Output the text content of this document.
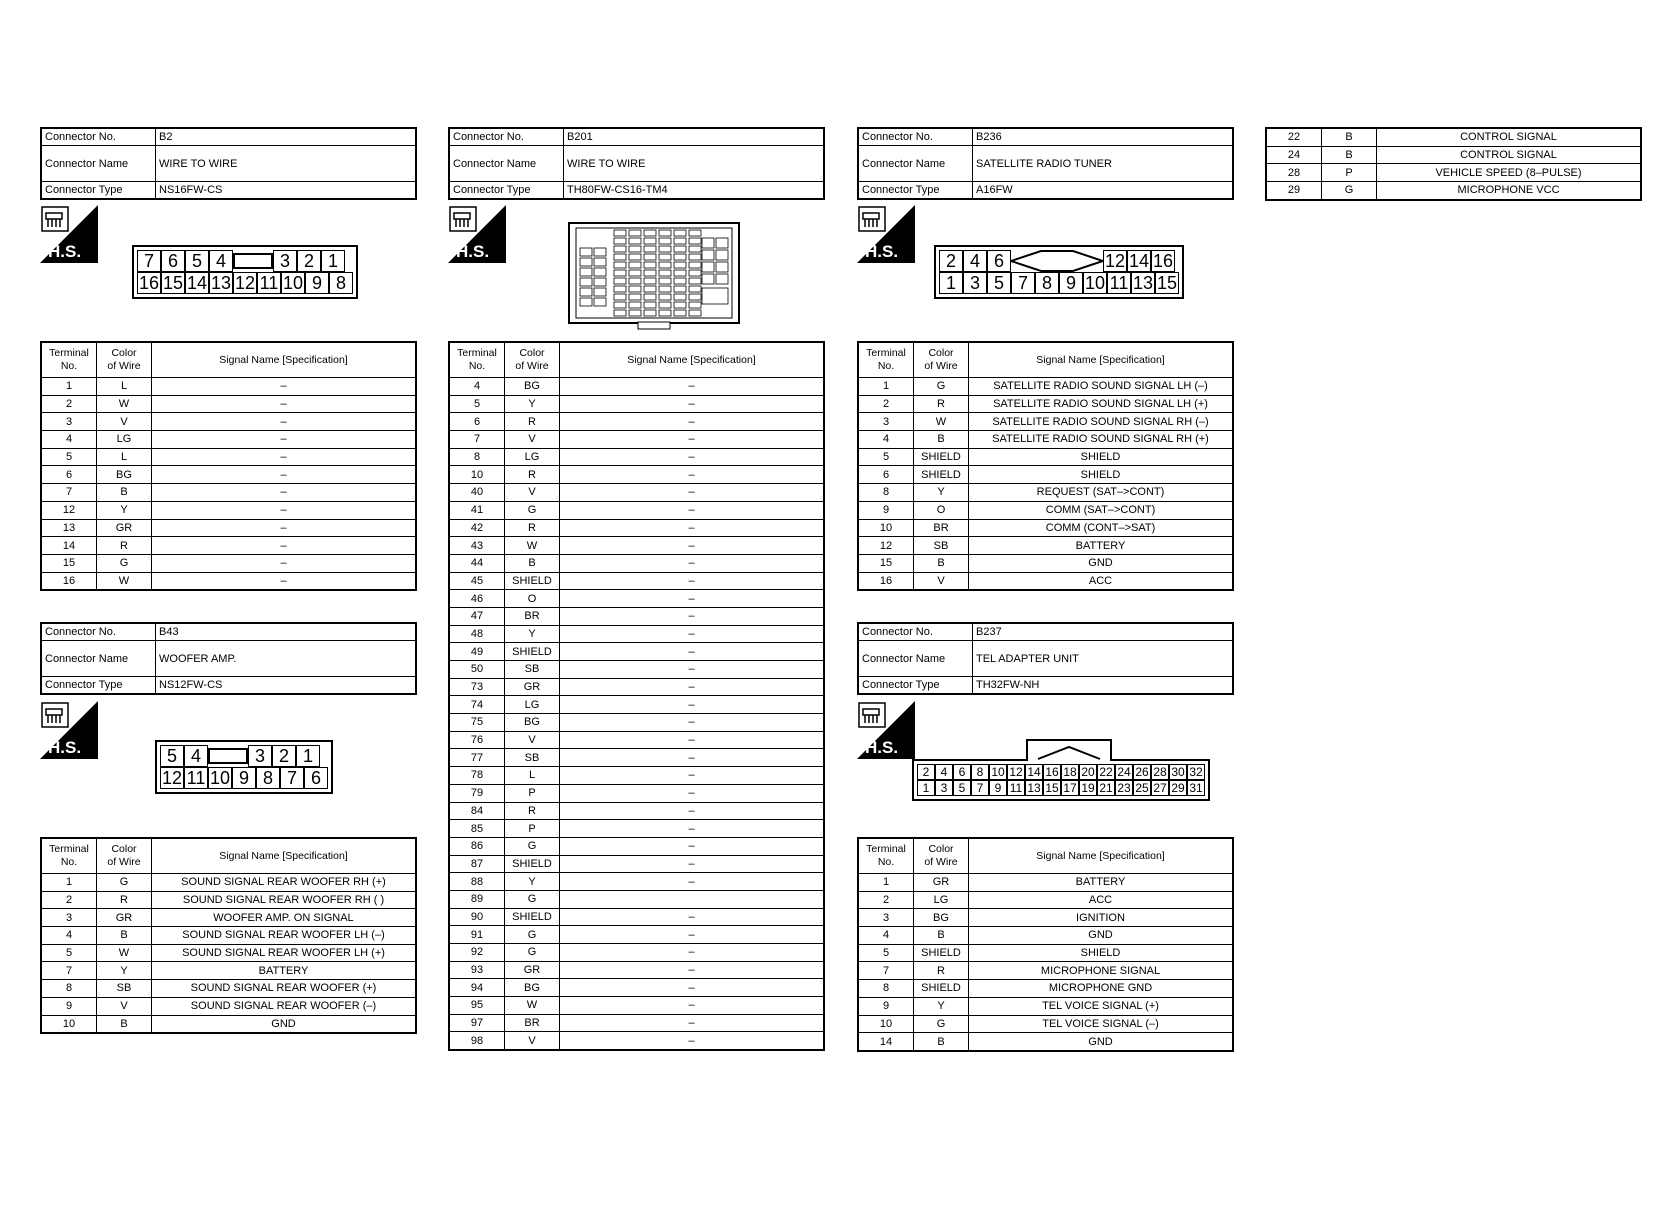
Connector No.	B2
Connector Name	WIRE TO WIRE
Connector Type	NS16FW-CS
Connector No.	B201
Connector Name	WIRE TO WIRE
Connector Type	TH80FW-CS16-TM4
Connector No.	B236
Connector Name	SATELLITE RADIO TUNER
Connector Type	A16FW
Connector No.	B43
Connector Name	WOOFER AMP.
Connector Type	NS12FW-CS
Connector No.	B237
Connector Name	TEL ADAPTER UNIT
Connector Type	TH32FW-NH
H.S.	H.S.	H.S.
H.S.	H.S.
7 6 5 4	3 2 1
16 15 14 13 12 11 10 9 8
5 4	3 2 1
12 11 10 9 8 7 6
2 4 6	12 14 16
1 3 5 7 8 9 10 11 13 15
2 4 6 8 10 12 14 16 18 20 22 24 26 28 30 32
1 3 5 7 9 11 13 15 17 19 21 23 25 27 29 31
Terminal
No.	Color
of Wire	Signal Name [Specification]
1	L	–
2	W	–
3	V	–
4	LG	–
5	L	–
6	BG	–
7	B	–
12	Y	–
13	GR	–
14	R	–
15	G	–
16	W	–
Terminal
No.	Color
of Wire	Signal Name [Specification]
1	G	SOUND SIGNAL REAR WOOFER RH (+)
2	R	SOUND SIGNAL REAR WOOFER RH ( )
3	GR	WOOFER AMP. ON SIGNAL
4	B	SOUND SIGNAL REAR WOOFER LH (–)
5	W	SOUND SIGNAL REAR WOOFER LH (+)
7	Y	BATTERY
8	SB	SOUND SIGNAL REAR WOOFER (+)
9	V	SOUND SIGNAL REAR WOOFER (–)
10	B	GND
Terminal
No.	Color
of Wire	Signal Name [Specification]
4	BG	–
5	Y	–
6	R	–
7	V	–
8	LG	–
10	R	–
40	V	–
41	G	–
42	R	–
43	W	–
44	B	–
45	SHIELD	–
46	O	–
47	BR	–
48	Y	–
49	SHIELD	–
50	SB	–
73	GR	–
74	LG	–
75	BG	–
76	V	–
77	SB	–
78	L	–
79	P	–
84	R	–
85	P	–
86	G	–
87	SHIELD	–
88	Y	–
89	G	
90	SHIELD	–
91	G	–
92	G	–
93	GR	–
94	BG	–
95	W	–
97	BR	–
98	V	–
Terminal
No.	Color
of Wire	Signal Name [Specification]
1	G	SATELLITE RADIO SOUND SIGNAL LH (–)
2	R	SATELLITE RADIO SOUND SIGNAL LH (+)
3	W	SATELLITE RADIO SOUND SIGNAL RH (–)
4	B	SATELLITE RADIO SOUND SIGNAL RH (+)
5	SHIELD	SHIELD
6	SHIELD	SHIELD
8	Y	REQUEST (SAT–>CONT)
9	O	COMM (SAT–>CONT)
10	BR	COMM (CONT–>SAT)
12	SB	BATTERY
15	B	GND
16	V	ACC
Terminal
No.	Color
of Wire	Signal Name [Specification]
1	GR	BATTERY
2	LG	ACC
3	BG	IGNITION
4	B	GND
5	SHIELD	SHIELD
7	R	MICROPHONE SIGNAL
8	SHIELD	MICROPHONE GND
9	Y	TEL VOICE SIGNAL (+)
10	G	TEL VOICE SIGNAL (–)
14	B	GND
22	B	CONTROL SIGNAL
24	B	CONTROL SIGNAL
28	P	VEHICLE SPEED (8–PULSE)
29	G	MICROPHONE VCC
